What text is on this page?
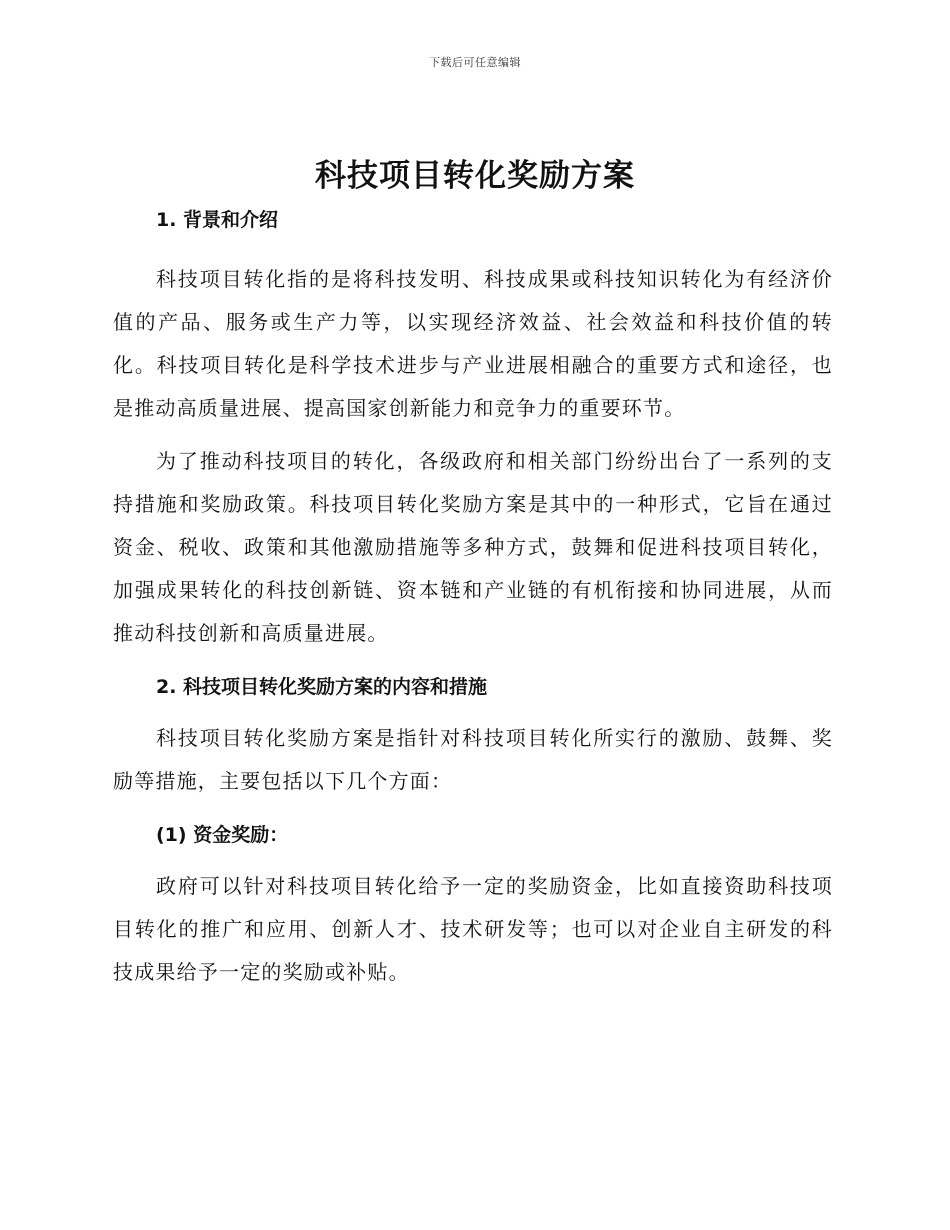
下载后可任意编辑
科技项目转化奖励方案
1. 背景和介绍

科技项目转化指的是将科技发明、科技成果或科技知识转化为有经济价值的产品、服务或生产力等，以实现经济效益、社会效益和科技价值的转化。科技项目转化是科学技术进步与产业进展相融合的重要方式和途径，也是推动高质量进展、提高国家创新能力和竞争力的重要环节。

为了推动科技项目的转化，各级政府和相关部门纷纷出台了一系列的支持措施和奖励政策。科技项目转化奖励方案是其中的一种形式，它旨在通过资金、税收、政策和其他激励措施等多种方式，鼓舞和促进科技项目转化，加强成果转化的科技创新链、资本链和产业链的有机衔接和协同进展，从而推动科技创新和高质量进展。

2. 科技项目转化奖励方案的内容和措施

科技项目转化奖励方案是指针对科技项目转化所实行的激励、鼓舞、奖励等措施，主要包括以下几个方面：

(1) 资金奖励：

政府可以针对科技项目转化给予一定的奖励资金，比如直接资助科技项目转化的推广和应用、创新人才、技术研发等；也可以对企业自主研发的科技成果给予一定的奖励或补贴。
